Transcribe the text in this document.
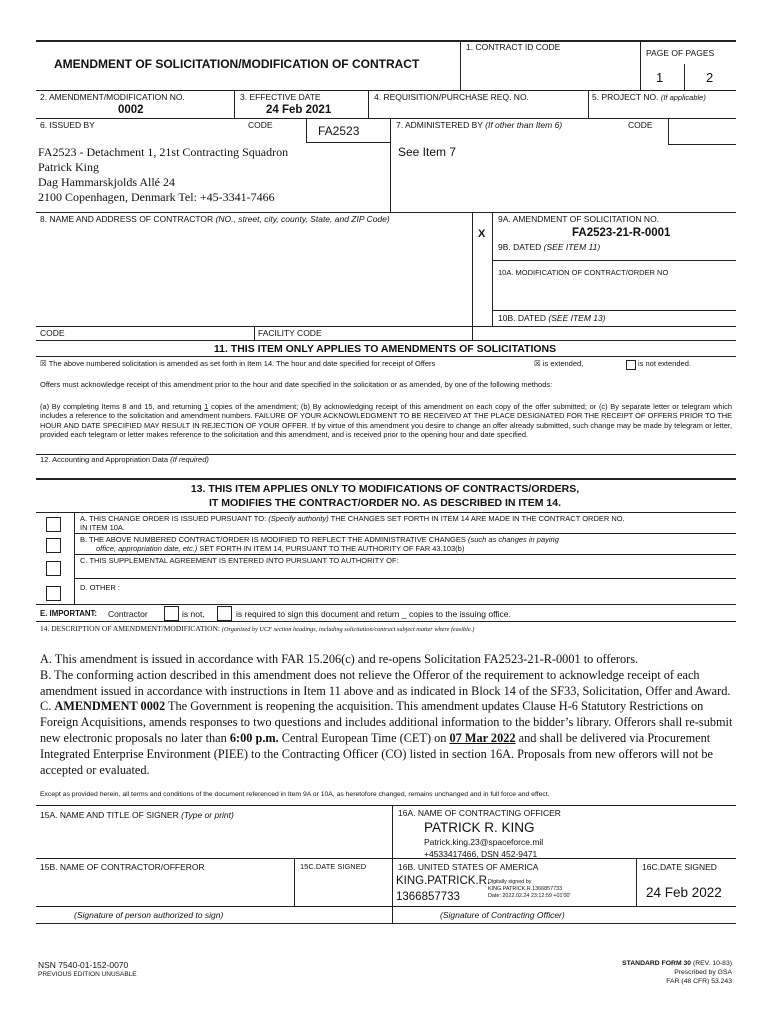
AMENDMENT OF SOLICITATION/MODIFICATION OF CONTRACT
1. CONTRACT ID CODE
PAGE OF PAGES
1	2
2. AMENDMENT/MODIFICATION NO.
0002
3. EFFECTIVE DATE
24 Feb 2021
4. REQUISITION/PURCHASE REQ. NO.	5. PROJECT NO. (If applicable)
6. ISSUED BY	CODE	FA2523	7. ADMINISTERED BY (If other than Item 6)	CODE
FA2523 - Detachment 1, 21st Contracting Squadron
Patrick King
Dag Hammarskjolds Allé 24
2100 Copenhagen, Denmark Tel: +45-3341-7466
See Item 7
8. NAME AND ADDRESS OF CONTRACTOR (NO., street, city, county, State, and ZIP Code)
X
9A. AMENDMENT OF SOLICITATION NO.
FA2523-21-R-0001
9B. DATED (SEE ITEM 11)
10A. MODIFICATION OF CONTRACT/ORDER NO
10B. DATED (SEE ITEM 13)
CODE	FACILITY CODE
11. THIS ITEM ONLY APPLIES TO AMENDMENTS OF SOLICITATIONS
☒ The above numbered solicitation is amended as set forth in Item 14. The hour and date specified for receipt of Offers	☒ is extended,	is not extended.
Offers must acknowledge receipt of this amendment prior to the hour and date specified in the solicitation or as amended, by one of the following methods:
(a) By completing Items 8 and 15, and returning 1 copies of the amendment; (b) By acknowledging receipt of this amendment on each copy of the offer submitted; or (c) By separate letter or telegram which includes a reference to the solicitation and amendment numbers. FAILURE OF YOUR ACKNOWLEDGMENT TO BE RECEIVED AT THE PLACE DESIGNATED FOR THE RECEIPT OF OFFERS PRIOR TO THE HOUR AND DATE SPECIFIED MAY RESULT IN REJECTION OF YOUR OFFER. If by virtue of this amendment you desire to change an offer already submitted, such change may be made by telegram or letter, provided each telegram or letter makes reference to the solicitation and this amendment, and is received prior to the opening hour and date specified.
12. Accounting and Appropriation Data (If required)
13. THIS ITEM APPLIES ONLY TO MODIFICATIONS OF CONTRACTS/ORDERS,
IT MODIFIES THE CONTRACT/ORDER NO. AS DESCRIBED IN ITEM 14.
A. THIS CHANGE ORDER IS ISSUED PURSUANT TO: (Specify authority) THE CHANGES SET FORTH IN ITEM 14 ARE MADE IN THE CONTRACT ORDER NO.
IN ITEM 10A.
B. THE ABOVE NUMBERED CONTRACT/ORDER IS MODIFIED TO REFLECT THE ADMINISTRATIVE CHANGES (such as changes in paying
office, appropriation date, etc.) SET FORTH IN ITEM 14, PURSUANT TO THE AUTHORITY OF FAR 43.103(b)
C. THIS SUPPLEMENTAL AGREEMENT IS ENTERED INTO PURSUANT TO AUTHORITY OF:
D. OTHER :
E. IMPORTANT: Contractor	is not,	is required to sign this document and return _ copies to the issuing office.
14. DESCRIPTION OF AMENDMENT/MODIFICATION: (Organized by UCF section headings, including solicitation/contract subject matter where feasible.)
A. This amendment is issued in accordance with FAR 15.206(c) and re-opens Solicitation FA2523-21-R-0001 to offerors.
B. The conforming action described in this amendment does not relieve the Offeror of the requirement to acknowledge receipt of each amendment issued in accordance with instructions in Item 11 above and as indicated in Block 14 of the SF33, Solicitation, Offer and Award.
C. AMENDMENT 0002 The Government is reopening the acquisition. This amendment updates Clause H-6 Statutory Restrictions on Foreign Acquisitions, amends responses to two questions and includes additional information to the bidder’s library. Offerors shall re-submit new electronic proposals no later than 6:00 p.m. Central European Time (CET) on 07 Mar 2022 and shall be delivered via Procurement Integrated Enterprise Environment (PIEE) to the Contracting Officer (CO) listed in section 16A. Proposals from new offerors will not be accepted or evaluated.
Except as provided herein, all terms and conditions of the document referenced in Item 9A or 10A, as heretofore changed, remains unchanged and in full force and effect.
15A. NAME AND TITLE OF SIGNER (Type or print)	16A. NAME OF CONTRACTING OFFICER
PATRICK R. KING
Patrick.king.23@spaceforce.mil
+4533417466, DSN 452-9471
15B. NAME OF CONTRACTOR/OFFEROR	15C.DATE SIGNED	16B. UNITED STATES OF AMERICA	16C.DATE SIGNED
KING.PATRICK.R.
1366857733
Digitally signed by
KING.PATRICK.R.1366857733
Date: 2022.02.24 23:12:59 +01'00'	24 Feb 2022
(Signature of person authorized to sign)	(Signature of Contracting Officer)
NSN 7540-01-152-0070
PREVIOUS EDITION UNUSABLE
STANDARD FORM 30 (REV. 10-83)
Prescribed by GSA
FAR (48 CFR) 53.243
